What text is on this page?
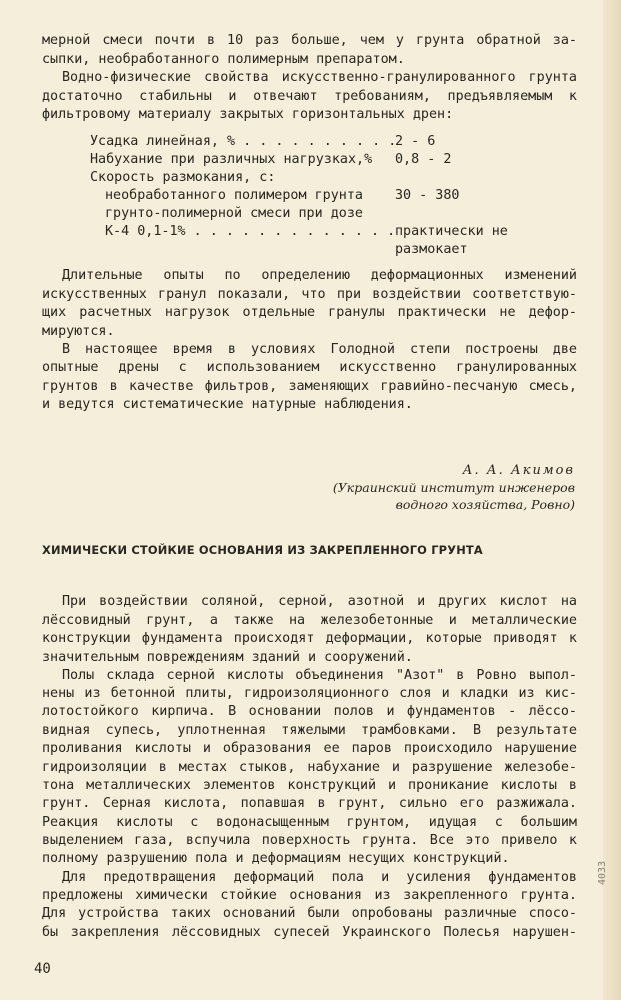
мерной смеси почти в 10 раз больше, чем у грунта обратной за-
сыпки, необработанного полимерным препаратом.
Водно-физические свойства искусственно-гранулированного грунта
достаточно стабильны и отвечают требованиям, предъявляемым к
фильтровому материалу закрытых горизонтальных дрен:
Усадка линейная, % . . . . . . . . . .
2 - 6
Набухание при различных нагрузках,% 0,8 - 2
Скорость размокания, с:
необработанного полимером грунта 30 - 380
грунто-полимерной смеси при дозе
К-4 0,1-1% . . . . . . . . . . . . . практически не
размокает
Длительные опыты по определению деформационных изменений
искусственных гранул показали, что при воздействии соответствую-
щих расчетных нагрузок отдельные гранулы практически не дефор-
мируются.
В настоящее время в условиях Голодной степи построены две
опытные дрены с использованием искусственно гранулированных
грунтов в качестве фильтров, заменяющих гравийно-песчаную смесь,
и ведутся систематические натурные наблюдения.
А. А. Акимов
(Украинский институт инженеров
водного хозяйства, Ровно)
ХИМИЧЕСКИ СТОЙКИЕ ОСНОВАНИЯ ИЗ ЗАКРЕПЛЕННОГО ГРУНТА
При воздействии соляной, серной, азотной и других кислот на
лёссовидный грунт, а также на железобетонные и металлические
конструкции фундамента происходят деформации, которые приводят к
значительным повреждениям зданий и сооружений.
Полы склада серной кислоты объединения "Азот" в Ровно выпол-
нены из бетонной плиты, гидроизоляционного слоя и кладки из кис-
лотостойкого кирпича. В основании полов и фундаментов - лёссо-
видная супесь, уплотненная тяжелыми трамбовками. В результате
проливания кислоты и образования ее паров происходило нарушение
гидроизоляции в местах стыков, набухание и разрушение железобе-
тона металлических элементов конструкций и проникание кислоты в
грунт. Серная кислота, попавшая в грунт, сильно его разжижала.
Реакция кислоты с водонасыщенным грунтом, идущая с большим
выделением газа, вспучила поверхность грунта. Все это привело к
полному разрушению пола и деформациям несущих конструкций.
Для предотвращения деформаций пола и усиления фундаментов
предложены химически стойкие основания из закрепленного грунта.
Для устройства таких оснований были опробованы различные спосо-
бы закрепления лёссовидных супесей Украинского Полесья нарушен-
40
4033
